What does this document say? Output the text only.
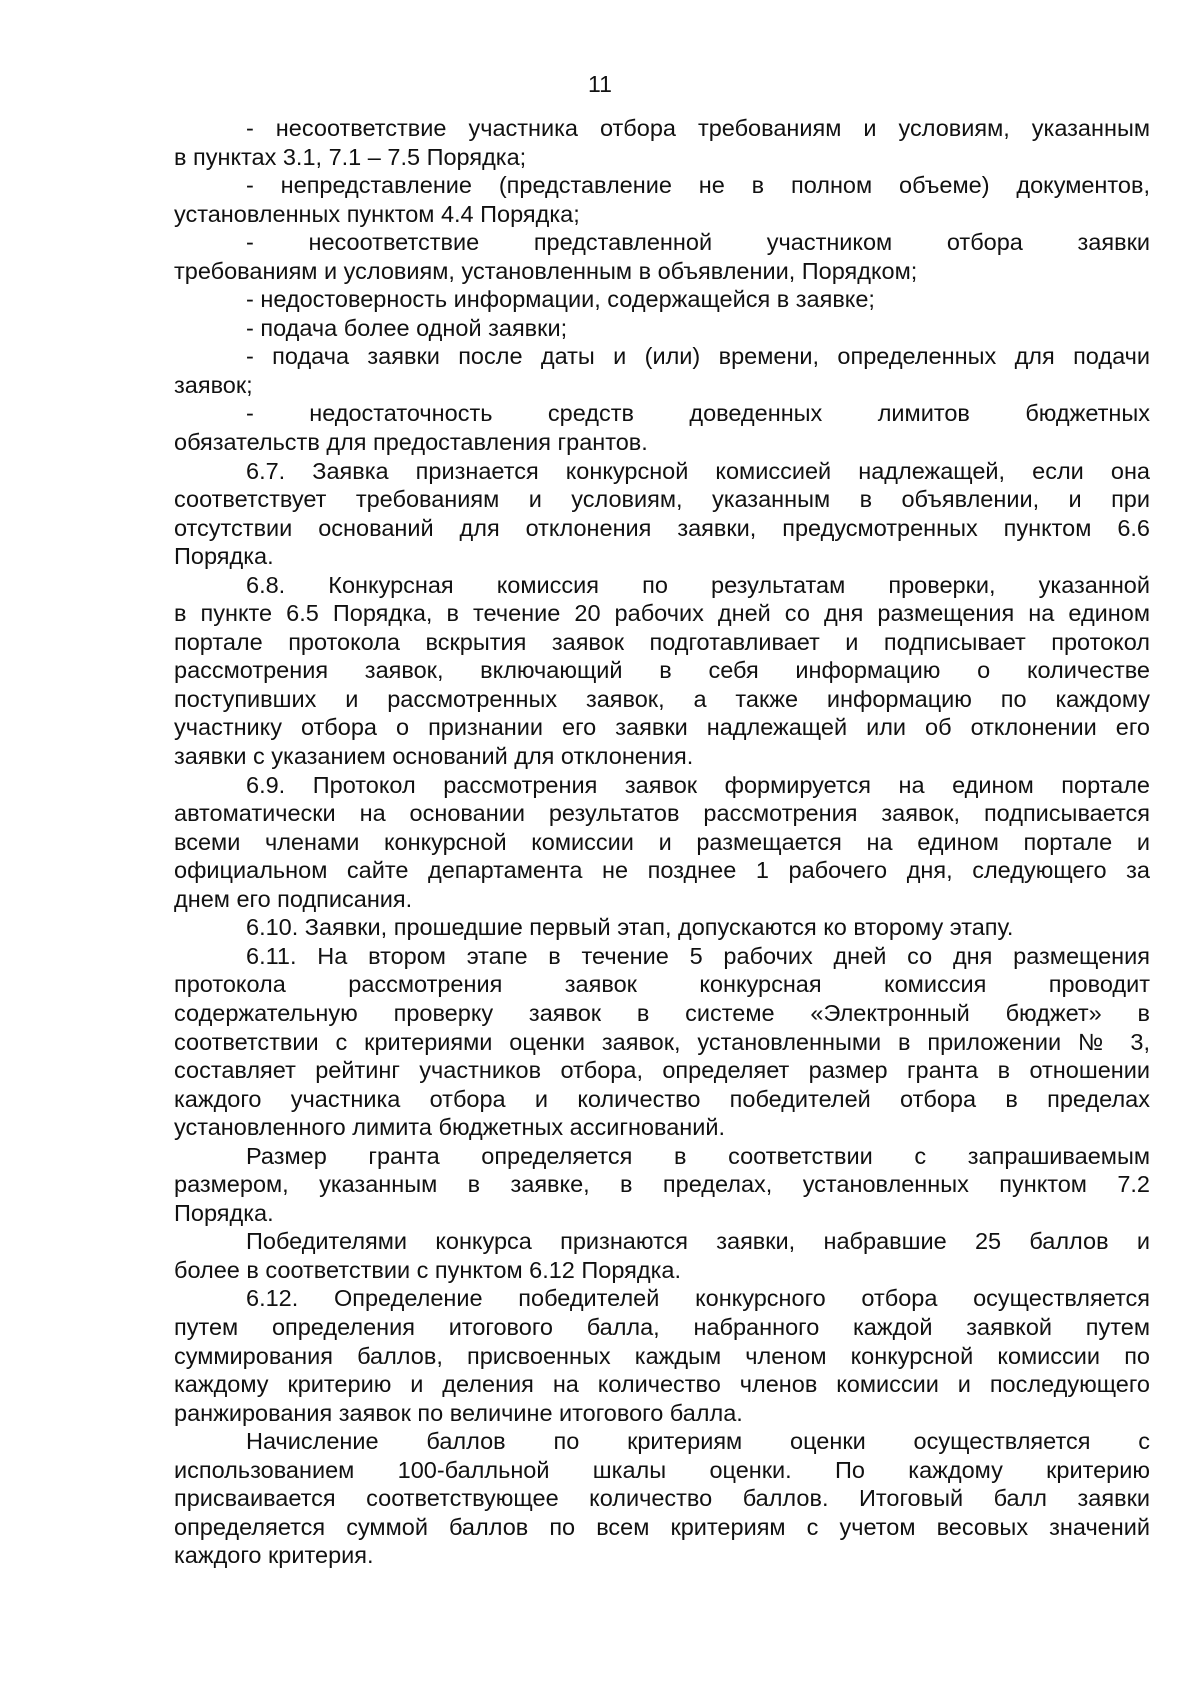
11

- несоответствие участника отбора требованиям и условиям, указанным
в пунктах 3.1, 7.1 – 7.5 Порядка;

- непредставление (представление не в полном объеме) документов,
установленных пунктом 4.4 Порядка;

- несоответствие представленной участником отбора заявки
требованиям и условиям, установленным в объявлении, Порядком;

- недостоверность информации, содержащейся в заявке;

- подача более одной заявки;

- подача заявки после даты и (или) времени, определенных для подачи
заявок;

- недостаточность средств доведенных лимитов бюджетных
обязательств для предоставления грантов.

6.7. Заявка признается конкурсной комиссией надлежащей, если она
соответствует требованиям и условиям, указанным в объявлении, и при
отсутствии оснований для отклонения заявки, предусмотренных пунктом 6.6
Порядка.

6.8. Конкурсная комиссия по результатам проверки, указанной
в пункте 6.5 Порядка, в течение 20 рабочих дней со дня размещения на едином
портале протокола вскрытия заявок подготавливает и подписывает протокол
рассмотрения заявок, включающий в себя информацию о количестве
поступивших и рассмотренных заявок, а также информацию по каждому
участнику отбора о признании его заявки надлежащей или об отклонении его
заявки с указанием оснований для отклонения.

6.9. Протокол рассмотрения заявок формируется на едином портале
автоматически на основании результатов рассмотрения заявок, подписывается
всеми членами конкурсной комиссии и размещается на едином портале и
официальном сайте департамента не позднее 1 рабочего дня, следующего за
днем его подписания.

6.10. Заявки, прошедшие первый этап, допускаются ко второму этапу.

6.11. На втором этапе в течение 5 рабочих дней со дня размещения
протокола рассмотрения заявок конкурсная комиссия проводит
содержательную проверку заявок в системе «Электронный бюджет» в
соответствии с критериями оценки заявок, установленными в приложении № 3,
составляет рейтинг участников отбора, определяет размер гранта в отношении
каждого участника отбора и количество победителей отбора в пределах
установленного лимита бюджетных ассигнований.

Размер гранта определяется в соответствии с запрашиваемым
размером, указанным в заявке, в пределах, установленных пунктом 7.2
Порядка.

Победителями конкурса признаются заявки, набравшие 25 баллов и
более в соответствии с пунктом 6.12 Порядка.

6.12. Определение победителей конкурсного отбора осуществляется
путем определения итогового балла, набранного каждой заявкой путем
суммирования баллов, присвоенных каждым членом конкурсной комиссии по
каждому критерию и деления на количество членов комиссии и последующего
ранжирования заявок по величине итогового балла.

Начисление баллов по критериям оценки осуществляется с
использованием 100-балльной шкалы оценки. По каждому критерию
присваивается соответствующее количество баллов. Итоговый балл заявки
определяется суммой баллов по всем критериям с учетом весовых значений
каждого критерия.
